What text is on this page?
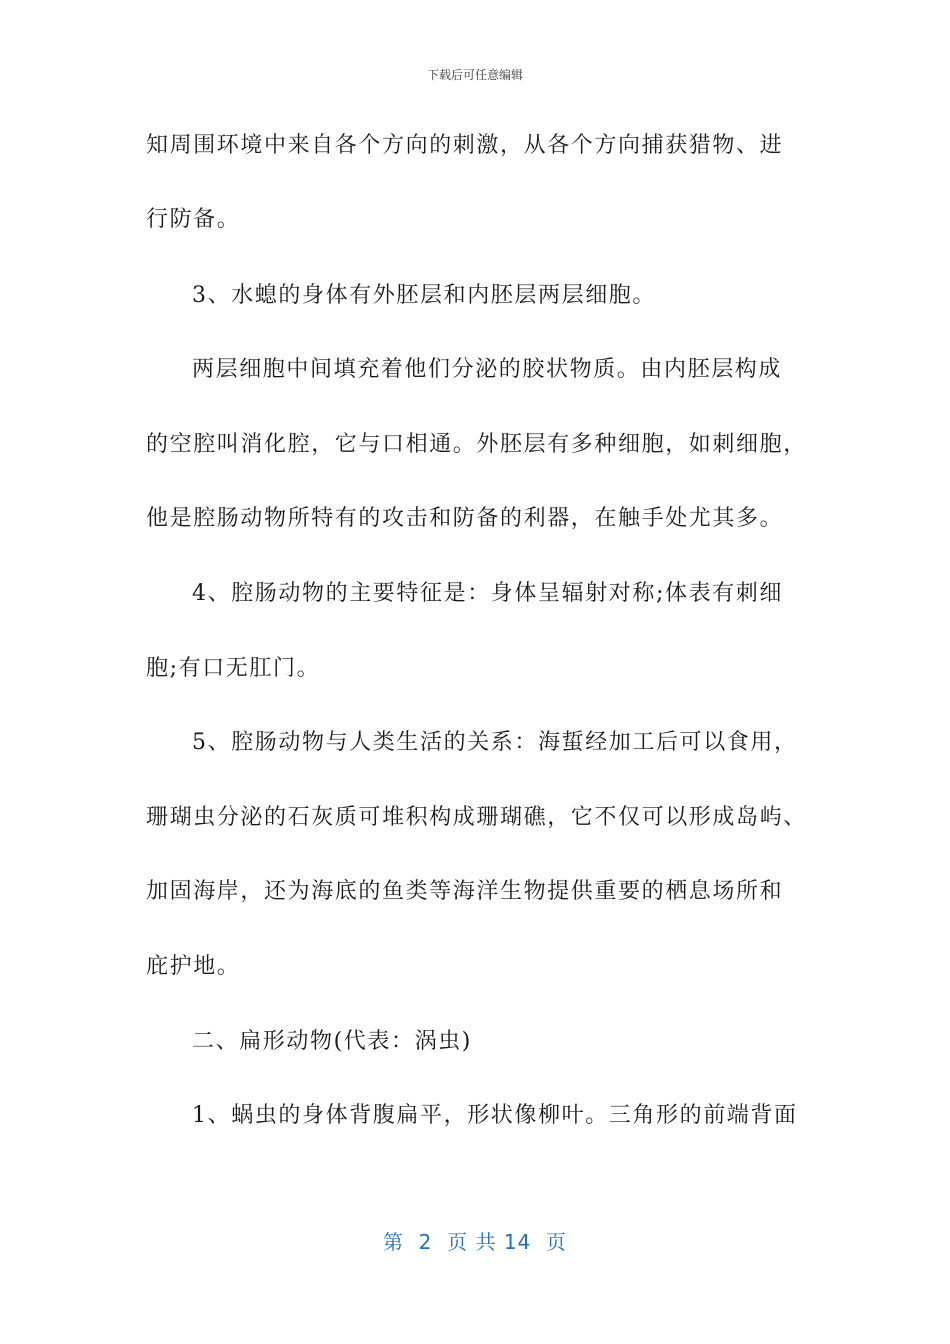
下载后可任意编辑
知周围环境中来自各个方向的刺激，从各个方向捕获猎物、进
行防备。
3、水螅的身体有外胚层和内胚层两层细胞。
两层细胞中间填充着他们分泌的胶状物质。由内胚层构成
的空腔叫消化腔，它与口相通。外胚层有多种细胞，如刺细胞，
他是腔肠动物所特有的攻击和防备的利器，在触手处尤其多。
4、腔肠动物的主要特征是：身体呈辐射对称;体表有刺细
胞;有口无肛门。
5、腔肠动物与人类生活的关系：海蜇经加工后可以食用，
珊瑚虫分泌的石灰质可堆积构成珊瑚礁，它不仅可以形成岛屿、
加固海岸，还为海底的鱼类等海洋生物提供重要的栖息场所和
庇护地。
二、扁形动物(代表：涡虫)
1、蜗虫的身体背腹扁平，形状像柳叶。三角形的前端背面
第  2  页 共 14  页
